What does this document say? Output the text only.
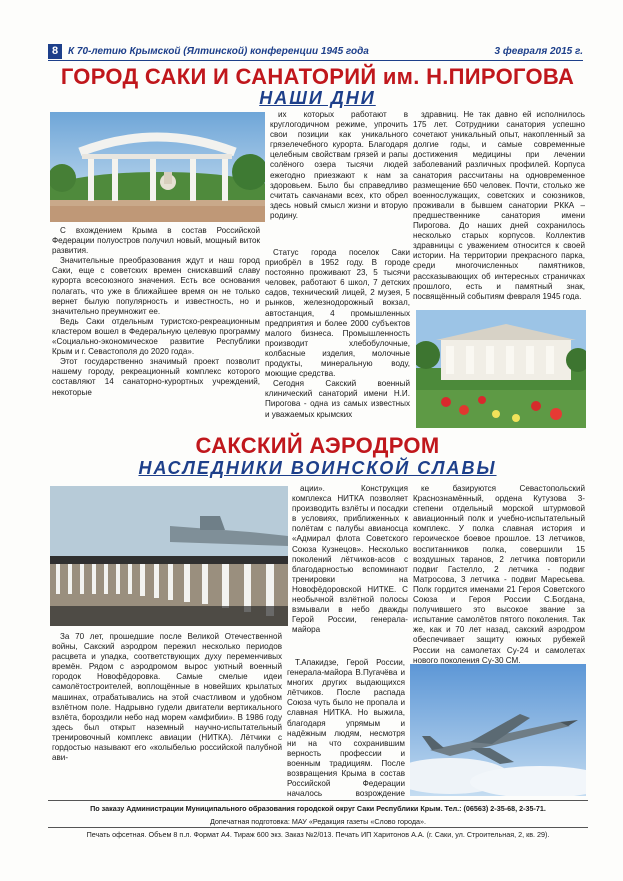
8 К 70-летию Крымской (Ялтинской) конференции 1945 года	3 февраля 2015 г.
ГОРОД САКИ И САНАТОРИЙ им. Н.ПИРОГОВА
НАШИ ДНИ

их которых работают в круглогодичном режиме, упрочить свои позиции как уникального грязелечебного курорта. Благодаря целебным свойствам грязей и рапы солёного озера тысячи людей ежегодно приезжают к нам за здоровьем. Было бы справедливо считать сакчанами всех, кто обрел здесь новый смысл жизни и вторую родину.

здравниц. Не так давно ей исполнилось 175 лет. Сотрудники санатория успешно сочетают уникальный опыт, накопленный за долгие годы, и самые современные достижения медицины при лечении заболеваний различных профилей. Корпуса санатория рассчитаны на одновременное размещение 650 человек. Почти, столько же военнослужащих, советских и союзников, проживали в бывшем санатории РККА – предшественнике санатория имени Пирогова. До наших дней сохранилось несколько старых корпусов. Коллектив здравницы с уважением относится к своей истории. На территории прекрасного парка, среди многочисленных памятников, рассказывающих об интересных страничках прошлого, есть и памятный знак, посвящённый событиям февраля 1945 года.

С вхождением Крыма в состав Российской Федерации полуостров получил новый, мощный виток развития.

Значительные преобразования ждут и наш город Саки, еще с советских времен снискавший славу курорта всесоюзного значения. Есть все основания полагать, что уже в ближайшее время он не только вернет былую популярность и известность, но и значительно преумножит ее.

Ведь Саки отдельным туристско-рекреационным кластером вошел в Федеральную целевую программу «Социально-экономическое развитие Республики Крым и г. Севастополя до 2020 года».

Этот государственно значимый проект позволит нашему городу, рекреационный комплекс которого составляют 14 санаторно-курортных учреждений, некоторые

Статус города поселок Саки приобрёл в 1952 году. В городе постоянно проживают 23, 5 тысячи человек, работают 6 школ, 7 детских садов, технический лицей, 2 музея, 5 рынков, железнодорожный вокзал, автостанция, 4 промышленных предприятия и более 2000 субъектов малого бизнеса. Промышленность производит хлебобулочные, колбасные изделия, молочные продукты, минеральную воду, моющие средства.

Сегодня Сакский военный клинический санаторий имени Н.И. Пирогова - одна из самых известных и уважаемых крымских

САКСКИЙ АЭРОДРОМ
НАСЛЕДНИКИ ВОИНСКОЙ СЛАВЫ

ации». Конструкция комплекса НИТКА позволяет производить взлёты и посадки в условиях, приближенных к полётам с палубы авианосца «Адмирал флота Советского Союза Кузнецов». Несколько поколений лётчиков-асов с благодарностью вспоминают тренировки на Новофёдоровской НИТКЕ. С необычной взлётной полосы взмывали в небо дважды Герой России, генерала-майора

ке базируются Севастопольский Краснознамённый, ордена Кутузова 3-степени отдельный морской штурмовой авиационный полк и учебно-испытательный комплекс. У полка славная история и героическое боевое прошлое. 13 летчиков, воспитанников полка, совершили 15 воздушных таранов, 2 летчика повторили подвиг Гастелло, 2 летчика - подвиг Матросова, 3 летчика - подвиг Маресьева. Полк гордится именами 21 Героя Советского Союза и Героя России С.Богдана, получившего это высокое звание за испытание самолётов пятого поколения. Так же, как и 70 лет назад, сакский аэродром обеспечивает защиту южных рубежей России на самолетах Су-24 и самолетах нового поколения Су-30 СМ.

За 70 лет, прошедшие после Великой Отечественной войны, Сакский аэродром пережил несколько периодов расцвета и упадка, соответствующих духу переменчивых времён. Рядом с аэродромом вырос уютный военный городок Новофёдоровка. Самые смелые идеи самолётостроителей, воплощённые в новейших крылатых машинах, отрабатывались на этой счастливом и удобном взлётном поле. Надрывно гудели двигатели вертикального взлёта, бороздили небо над морем «амфибии». В 1986 году здесь был открыт наземный научно-испытательный тренировочный комплекс авиации (НИТКА). Лётчики с гордостью называют его «колыбелью российской палубной ави-

Т.Апакидзе, Герой России, генерала-майора В.Пугачёва и многих других выдающихся лётчиков. После распада Союза чуть было не пропала и славная НИТКА. Но выжила, благодаря упрямым и надёжным людям, несмотря ни на что сохранившим верность профессии и военным традициям. После возвращения Крыма в состав Российской Федерации началось возрождение

По заказу Администрации Муниципального образования городской округ Саки Республики Крым. Тел.: (06563) 2-35-68, 2-35-71.
Допечатная подготовка: МАУ «Редакция газеты «Слово города».
Печать офсетная. Объем 8 п.л. Формат А4. Тираж 600 экз. Заказ №2/013. Печать ИП Харитонов А.А. (г. Саки, ул. Строительная, 2, кв. 29).
